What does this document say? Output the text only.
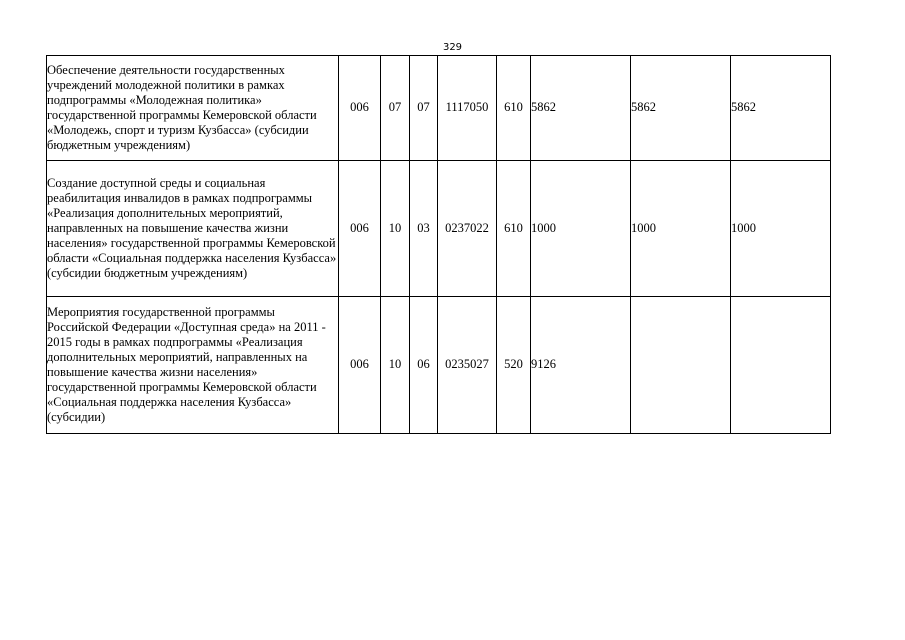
329
Обеспечение деятельности государственных учреждений молодежной политики в рамках подпрограммы «Молодежная политика» государственной программы Кемеровской области «Молодежь, спорт и туризм Кузбасса» (субсидии бюджетным учреждениям)	006	07	07	1117050	610	5862	5862	5862
Создание доступной среды и социальная реабилитация инвалидов в рамках подпрограммы «Реализация дополнительных мероприятий, направленных на повышение качества жизни населения» государственной программы Кемеровской области «Социальная поддержка населения Кузбасса» (субсидии бюджетным учреждениям)	006	10	03	0237022	610	1000	1000	1000
Мероприятия государственной программы Российской Федерации «Доступная среда» на 2011 - 2015 годы в рамках подпрограммы «Реализация дополнительных мероприятий, направленных на повышение качества жизни населения» государственной программы Кемеровской области «Социальная поддержка населения Кузбасса» (субсидии)	006	10	06	0235027	520	9126		
